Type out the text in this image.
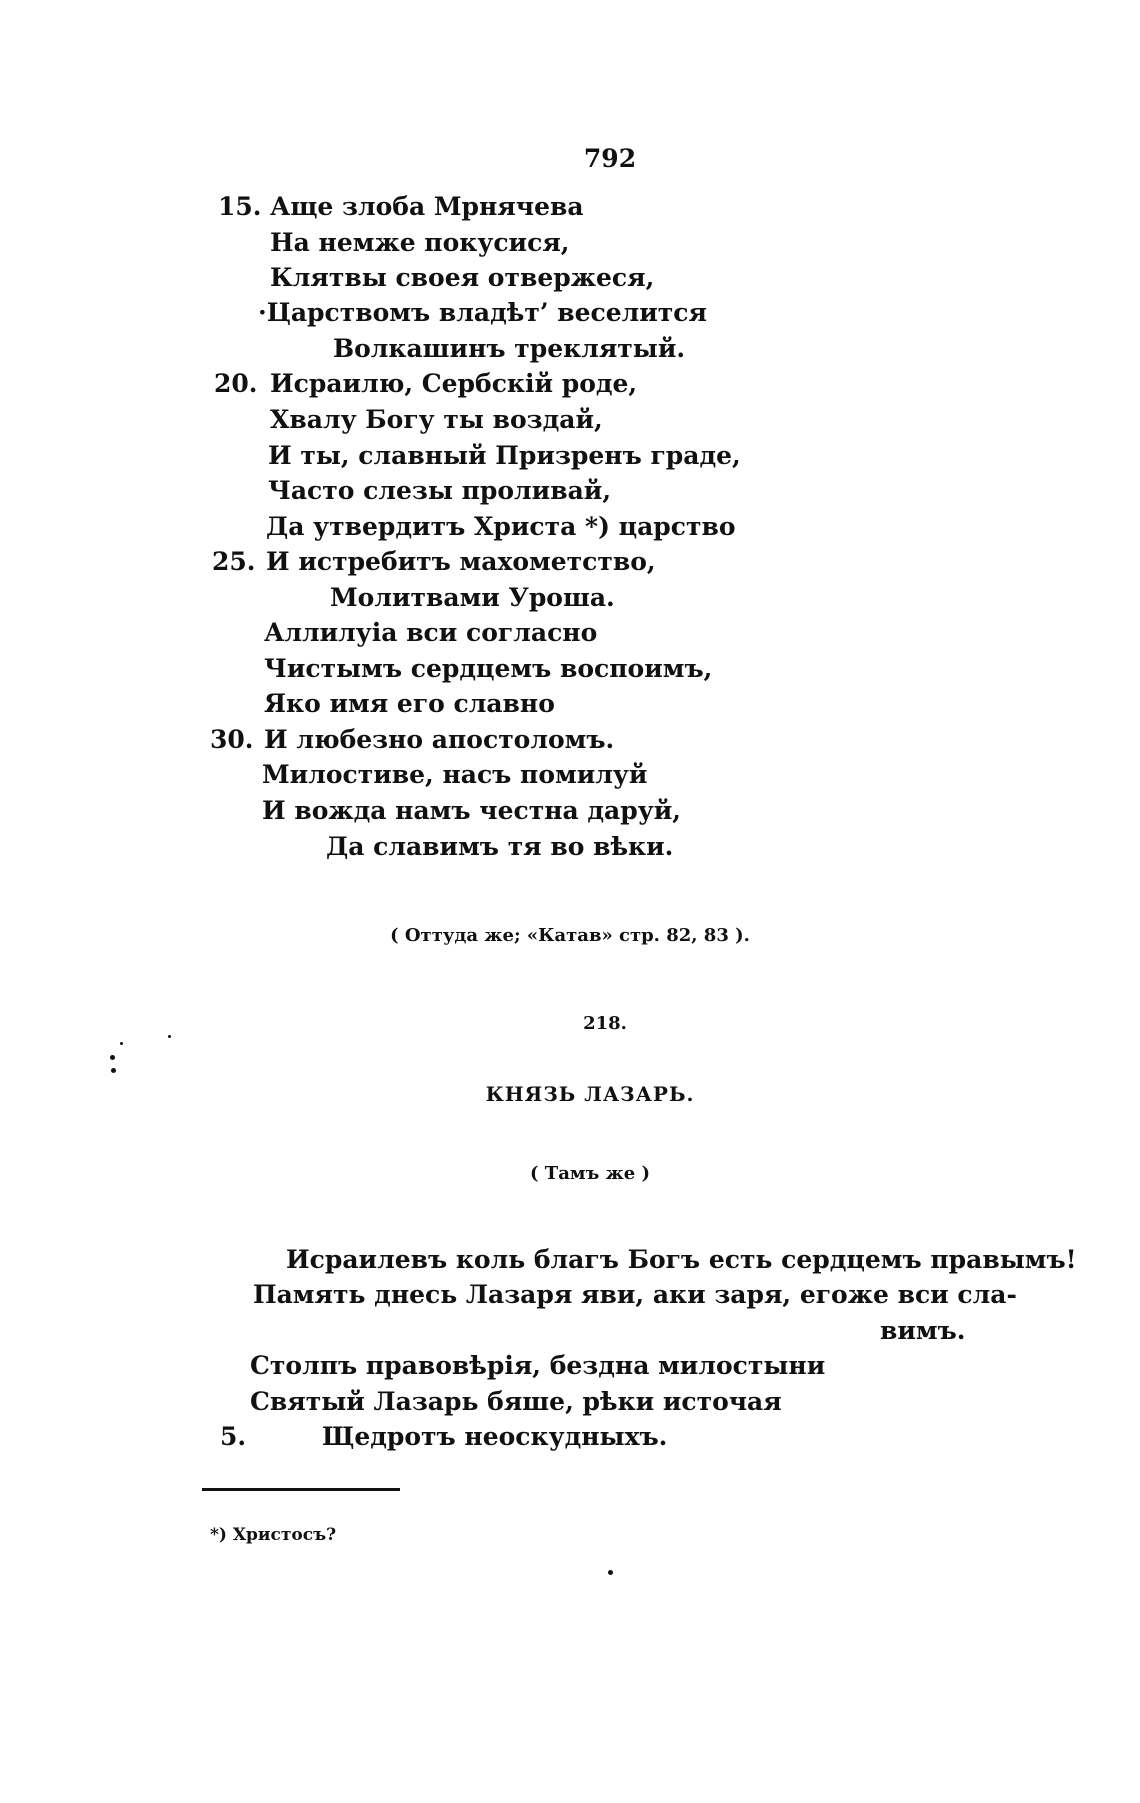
792
15. Аще злоба Мрнячева
На немже покусися,
Клятвы своея отвержеся,
·Царствомъ владѣт’ веселится
Волкашинъ треклятый.
20. Исраилю, Сербскій роде,
Хвалу Богу ты воздай,
И ты, славный Призренъ граде,
Часто слезы проливай,
Да утвердитъ Христа *) царство
25. И истребитъ махометство,
Молитвами Уроша.
Аллилуіа вси согласно
Чистымъ сердцемъ воспоимъ,
Яко имя его славно
30. И любезно апостоломъ.
Милостиве, насъ помилуй
И вожда намъ честна даруй,
Да славимъ тя во вѣки.
( Оттуда же; «Катав» стр. 82, 83 ).
218.
КНЯЗЬ ЛАЗАРЬ.
( Тамъ же )
Исраилевъ коль благъ Богъ есть сердцемъ правымъ!
Память днесь Лазаря яви, аки заря, егоже вси сла-
вимъ.
Столпъ правовѣрія, бездна милостыни
Святый Лазарь бяше, рѣки источая
5.	Щедротъ неоскудныхъ.
*) Христосъ?
